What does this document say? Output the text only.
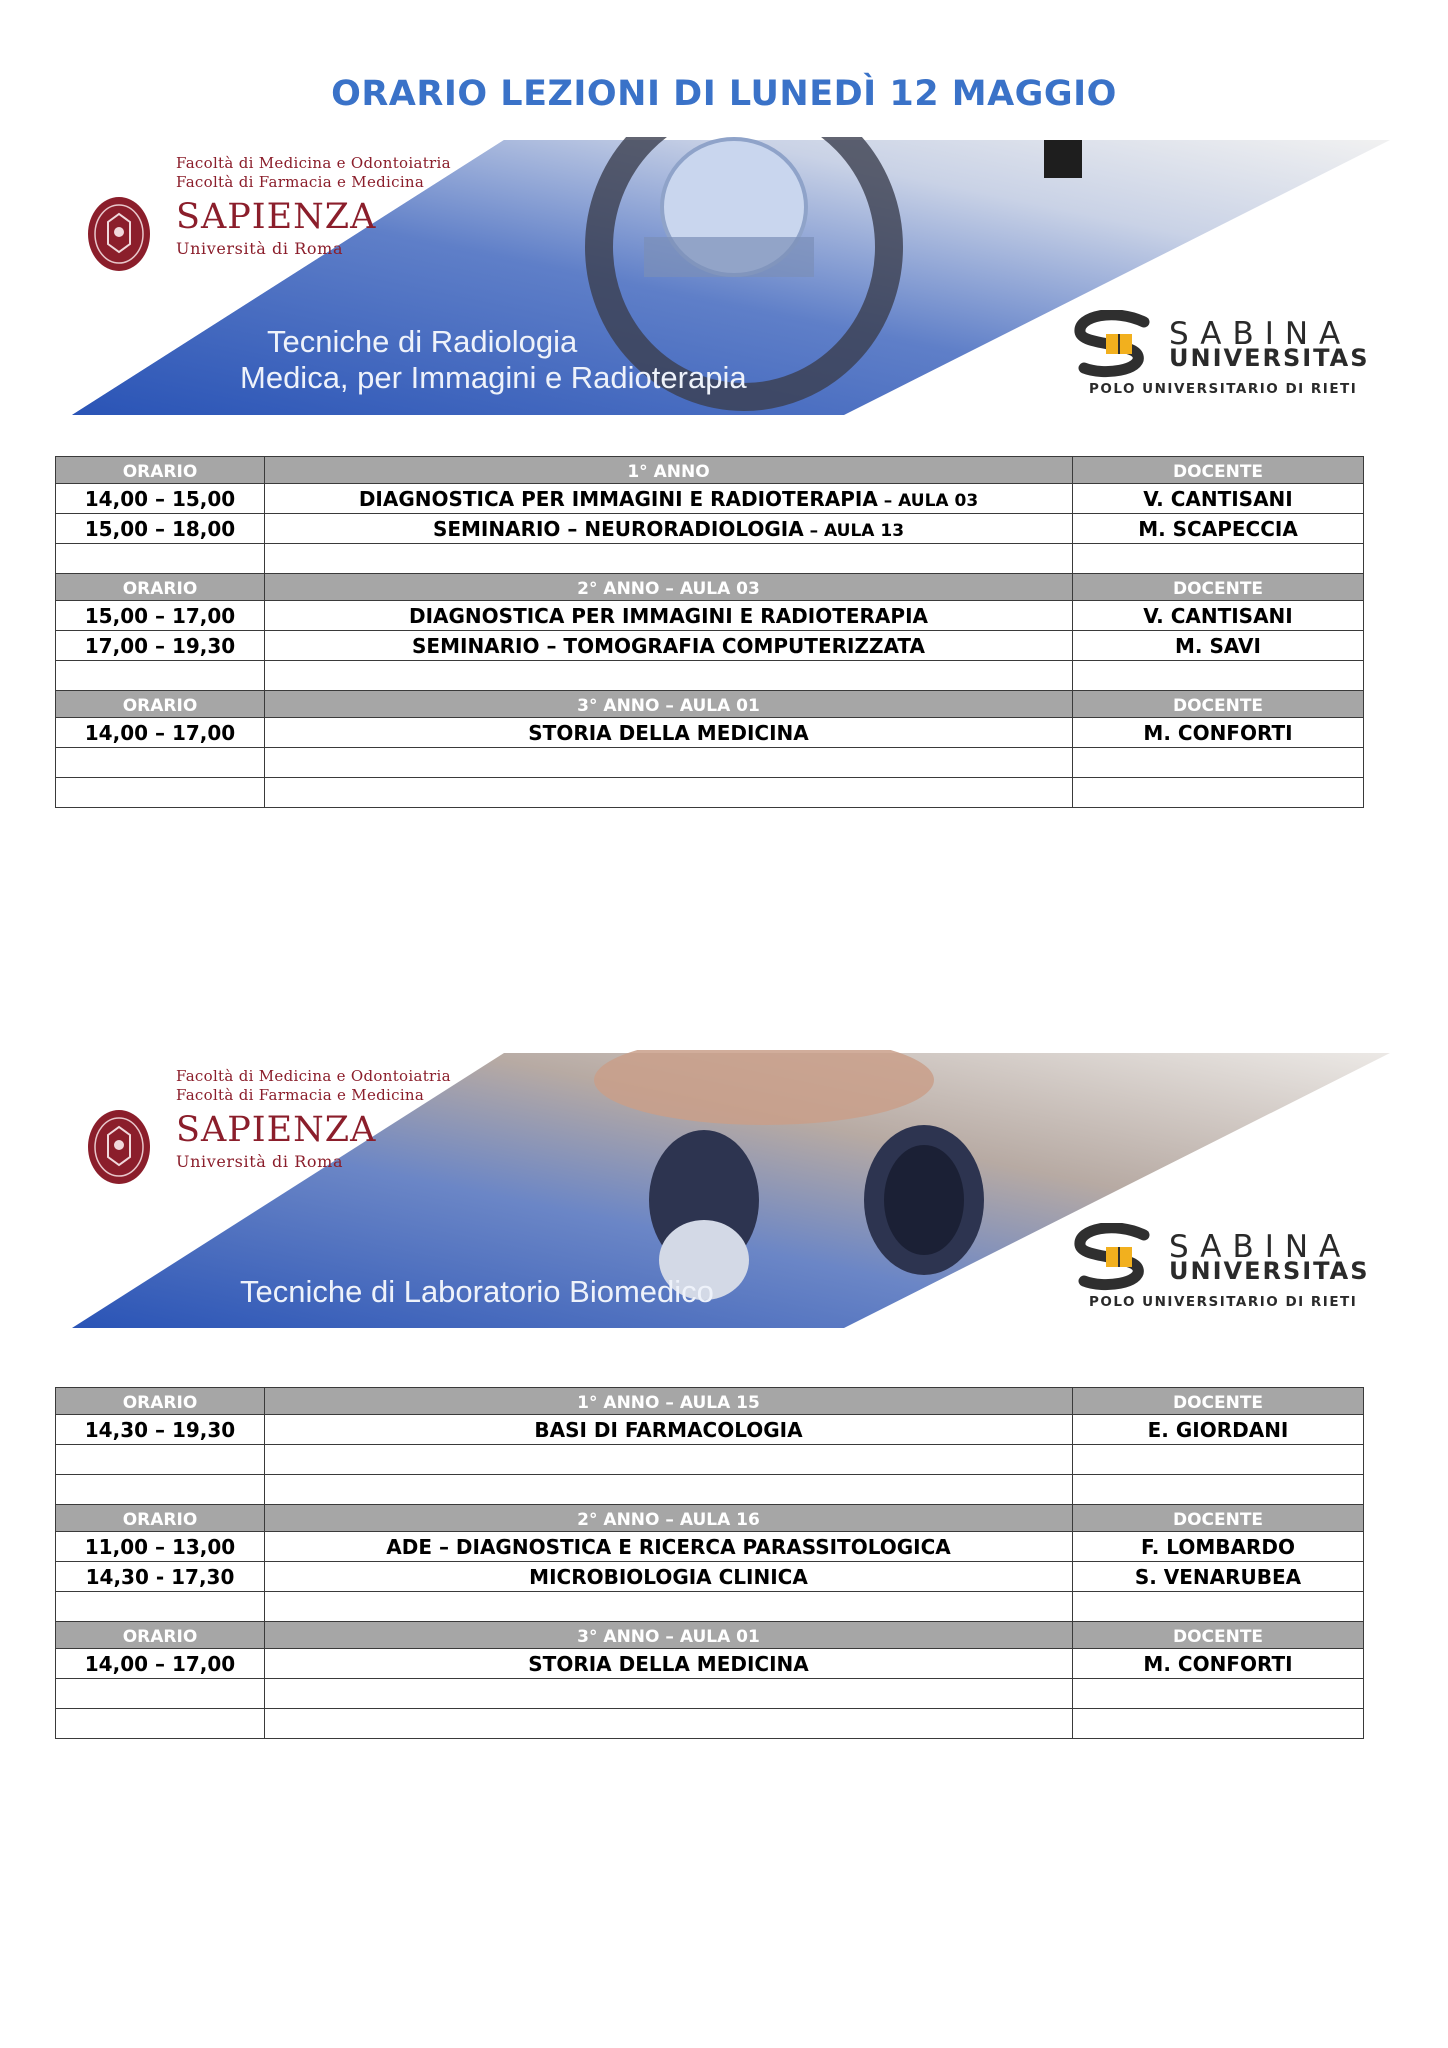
ORARIO LEZIONI DI LUNEDÌ 12 MAGGIO
Facoltà di Medicina e Odontoiatria
Facoltà di Farmacia e Medicina
SAPIENZA
Università di Roma
Tecniche di Radiologia
Medica, per Immagini e Radioterapia
SABINA
UNIVERSITAS
POLO UNIVERSITARIO DI RIETI
ORARIO	1° ANNO	DOCENTE
14,00 – 15,00	DIAGNOSTICA PER IMMAGINI E RADIOTERAPIA – AULA 03	V. CANTISANI
15,00 – 18,00	SEMINARIO – NEURORADIOLOGIA – AULA 13	M. SCAPECCIA

ORARIO	2° ANNO – AULA 03	DOCENTE
15,00 – 17,00	DIAGNOSTICA PER IMMAGINI E RADIOTERAPIA	V. CANTISANI
17,00 – 19,30	SEMINARIO – TOMOGRAFIA COMPUTERIZZATA	M. SAVI

ORARIO	3° ANNO – AULA 01	DOCENTE
14,00 – 17,00	STORIA DELLA MEDICINA	M. CONFORTI

Facoltà di Medicina e Odontoiatria
Facoltà di Farmacia e Medicina
SAPIENZA
Università di Roma
Tecniche di Laboratorio Biomedico
SABINA
UNIVERSITAS
POLO UNIVERSITARIO DI RIETI
ORARIO	1° ANNO – AULA 15	DOCENTE
14,30 – 19,30	BASI DI FARMACOLOGIA	E. GIORDANI

ORARIO	2° ANNO – AULA 16	DOCENTE
11,00 – 13,00	ADE – DIAGNOSTICA E RICERCA PARASSITOLOGICA	F. LOMBARDO
14,30 - 17,30	MICROBIOLOGIA CLINICA	S. VENARUBEA

ORARIO	3° ANNO – AULA 01	DOCENTE
14,00 – 17,00	STORIA DELLA MEDICINA	M. CONFORTI
